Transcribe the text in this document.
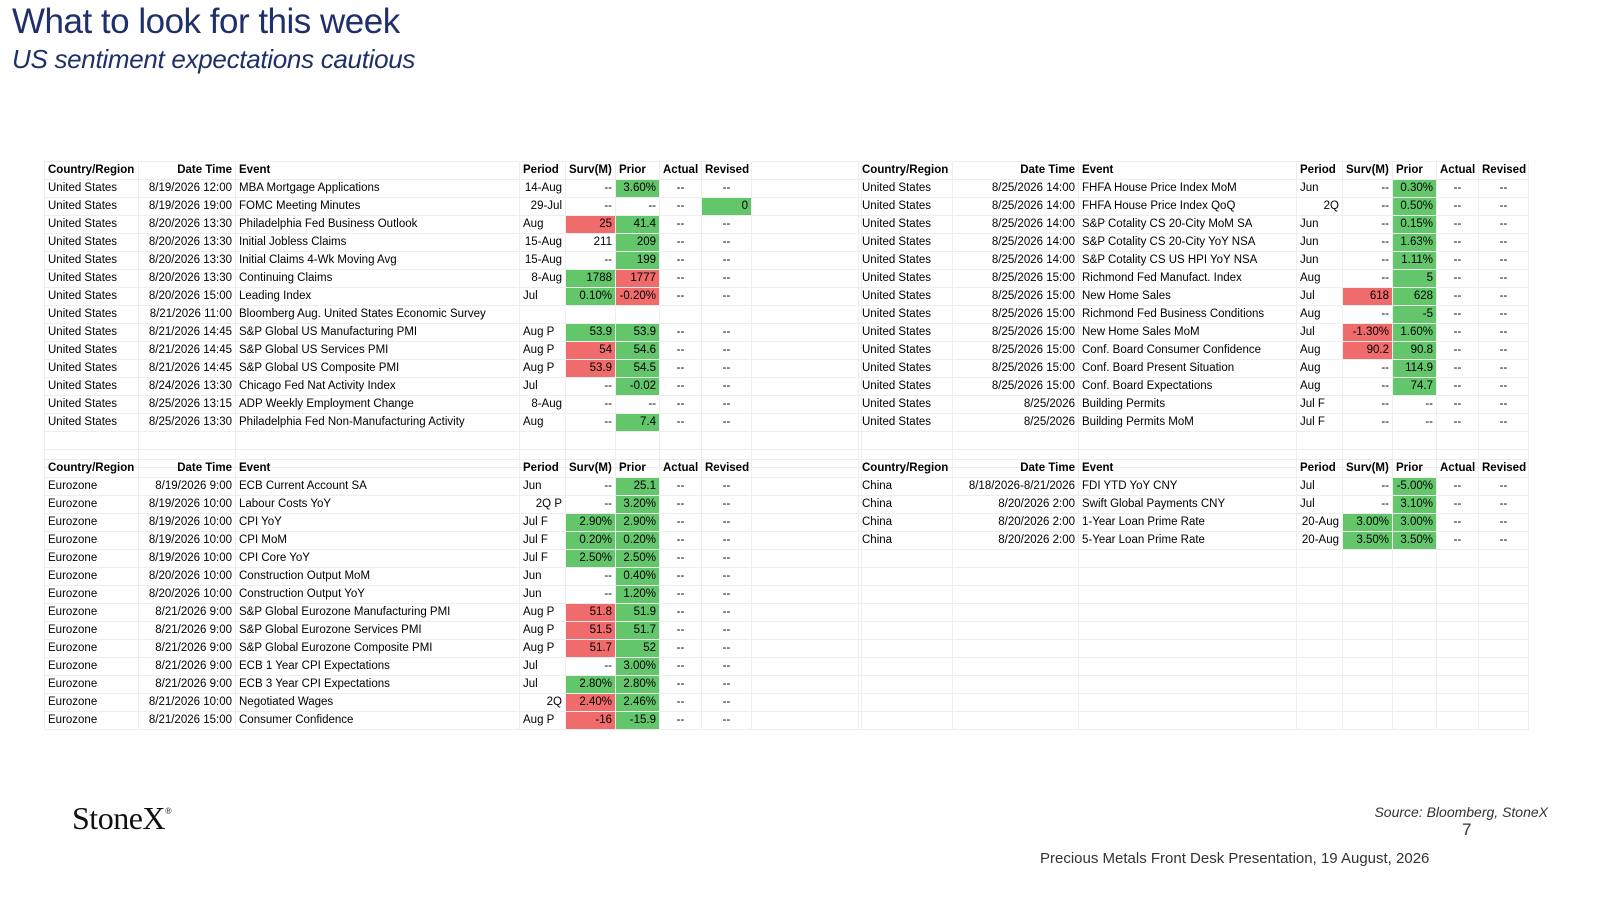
What to look for this week
US sentiment expectations cautious
Country/Region	Date Time	Event	Period	Surv(M)	Prior	Actual	Revised	
United States	8/19/2026 12:00	MBA Mortgage Applications	14-Aug	--	3.60%	--	--	
United States	8/19/2026 19:00	FOMC Meeting Minutes	29-Jul	--	--	--	0	
United States	8/20/2026 13:30	Philadelphia Fed Business Outlook	Aug	25	41.4	--	--	
United States	8/20/2026 13:30	Initial Jobless Claims	15-Aug	211	209	--	--	
United States	8/20/2026 13:30	Initial Claims 4-Wk Moving Avg	15-Aug	--	199	--	--	
United States	8/20/2026 13:30	Continuing Claims	8-Aug	1788	1777	--	--	
United States	8/20/2026 15:00	Leading Index	Jul	0.10%	-0.20%	--	--	
United States	8/21/2026 11:00	Bloomberg Aug. United States Economic Survey						
United States	8/21/2026 14:45	S&P Global US Manufacturing PMI	Aug P	53.9	53.9	--	--	
United States	8/21/2026 14:45	S&P Global US Services PMI	Aug P	54	54.6	--	--	
United States	8/21/2026 14:45	S&P Global US Composite PMI	Aug P	53.9	54.5	--	--	
United States	8/24/2026 13:30	Chicago Fed Nat Activity Index	Jul	--	-0.02	--	--	
United States	8/25/2026 13:15	ADP Weekly Employment Change	8-Aug	--	--	--	--	
United States	8/25/2026 13:30	Philadelphia Fed Non-Manufacturing Activity	Aug	--	7.4	--	--	

Country/Region	Date Time	Event	Period	Surv(M)	Prior	Actual	Revised
United States	8/25/2026 14:00	FHFA House Price Index MoM	Jun	--	0.30%	--	--
United States	8/25/2026 14:00	FHFA House Price Index QoQ	2Q	--	0.50%	--	--
United States	8/25/2026 14:00	S&P Cotality CS 20-City MoM SA	Jun	--	0.15%	--	--
United States	8/25/2026 14:00	S&P Cotality CS 20-City YoY NSA	Jun	--	1.63%	--	--
United States	8/25/2026 14:00	S&P Cotality CS US HPI YoY NSA	Jun	--	1.11%	--	--
United States	8/25/2026 15:00	Richmond Fed Manufact. Index	Aug	--	5	--	--
United States	8/25/2026 15:00	New Home Sales	Jul	618	628	--	--
United States	8/25/2026 15:00	Richmond Fed Business Conditions	Aug	--	-5	--	--
United States	8/25/2026 15:00	New Home Sales MoM	Jul	-1.30%	1.60%	--	--
United States	8/25/2026 15:00	Conf. Board Consumer Confidence	Aug	90.2	90.8	--	--
United States	8/25/2026 15:00	Conf. Board Present Situation	Aug	--	114.9	--	--
United States	8/25/2026 15:00	Conf. Board Expectations	Aug	--	74.7	--	--
United States	8/25/2026	Building Permits	Jul F	--	--	--	--
United States	8/25/2026	Building Permits MoM	Jul F	--	--	--	--

Country/Region	Date Time	Event	Period	Surv(M)	Prior	Actual	Revised	
Eurozone	8/19/2026 9:00	ECB Current Account SA	Jun	--	25.1	--	--	
Eurozone	8/19/2026 10:00	Labour Costs YoY	2Q P	--	3.20%	--	--	
Eurozone	8/19/2026 10:00	CPI YoY	Jul F	2.90%	2.90%	--	--	
Eurozone	8/19/2026 10:00	CPI MoM	Jul F	0.20%	0.20%	--	--	
Eurozone	8/19/2026 10:00	CPI Core YoY	Jul F	2.50%	2.50%	--	--	
Eurozone	8/20/2026 10:00	Construction Output MoM	Jun	--	0.40%	--	--	
Eurozone	8/20/2026 10:00	Construction Output YoY	Jun	--	1.20%	--	--	
Eurozone	8/21/2026 9:00	S&P Global Eurozone Manufacturing PMI	Aug P	51.8	51.9	--	--	
Eurozone	8/21/2026 9:00	S&P Global Eurozone Services PMI	Aug P	51.5	51.7	--	--	
Eurozone	8/21/2026 9:00	S&P Global Eurozone Composite PMI	Aug P	51.7	52	--	--	
Eurozone	8/21/2026 9:00	ECB 1 Year CPI Expectations	Jul	--	3.00%	--	--	
Eurozone	8/21/2026 9:00	ECB 3 Year CPI Expectations	Jul	2.80%	2.80%	--	--	
Eurozone	8/21/2026 10:00	Negotiated Wages	2Q	2.40%	2.46%	--	--	
Eurozone	8/21/2026 15:00	Consumer Confidence	Aug P	-16	-15.9	--	--	
Country/Region	Date Time	Event	Period	Surv(M)	Prior	Actual	Revised
China	8/18/2026-8/21/2026	FDI YTD YoY CNY	Jul	--	-5.00%	--	--
China	8/20/2026 2:00	Swift Global Payments CNY	Jul	--	3.10%	--	--
China	8/20/2026 2:00	1-Year Loan Prime Rate	20-Aug	3.00%	3.00%	--	--
China	8/20/2026 2:00	5-Year Loan Prime Rate	20-Aug	3.50%	3.50%	--	--

StoneX®	Source: Bloomberg, StoneX
7
Precious Metals Front Desk Presentation, 19 August, 2026
